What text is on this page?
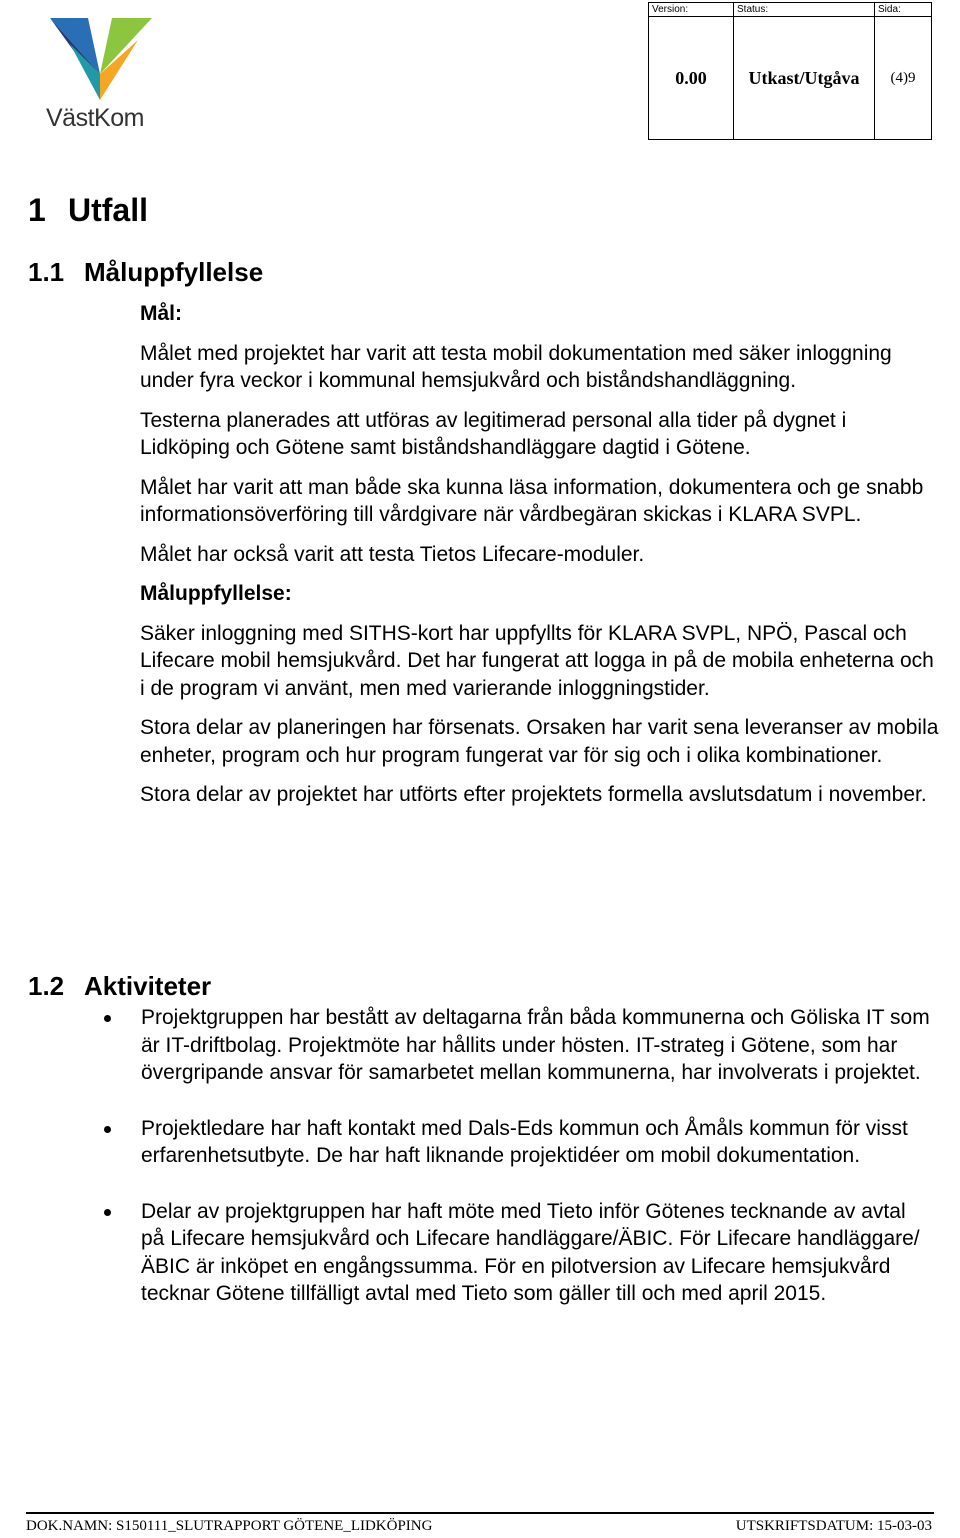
VästKom
Version:	Status:	Sida:
0.00	Utkast/Utgåva	(4)9
1 Utfall
1.1 Måluppfyllelse

Mål:

Målet med projektet har varit att testa mobil dokumentation med säker inloggning under fyra veckor i kommunal hemsjukvård och biståndshandläggning.

Testerna planerades att utföras av legitimerad personal alla tider på dygnet i Lidköping och Götene samt biståndshandläggare dagtid i Götene.

Målet har varit att man både ska kunna läsa information, dokumentera och ge snabb informationsöverföring till vårdgivare när vårdbegäran skickas i KLARA SVPL.

Målet har också varit att testa Tietos Lifecare-moduler.

Måluppfyllelse:

Säker inloggning med SITHS-kort har uppfyllts för KLARA SVPL, NPÖ, Pascal och Lifecare mobil hemsjukvård. Det har fungerat att logga in på de mobila enheterna och i de program vi använt, men med varierande inloggningstider.

Stora delar av planeringen har försenats. Orsaken har varit sena leveranser av mobila enheter, program och hur program fungerat var för sig och i olika kombinationer.

Stora delar av projektet har utförts efter projektets formella avslutsdatum i november.

1.2 Aktiviteter
Projektgruppen har bestått av deltagarna från båda kommunerna och Göliska IT som är IT-driftbolag. Projektmöte har hållits under hösten. IT-strateg i Götene, som har övergripande ansvar för samarbetet mellan kommunerna, har involverats i projektet.
Projektledare har haft kontakt med Dals-Eds kommun och Åmåls kommun för visst erfarenhetsutbyte. De har haft liknande projektidéer om mobil dokumentation.
Delar av projektgruppen har haft möte med Tieto inför Götenes tecknande av avtal på Lifecare hemsjukvård och Lifecare handläggare/ÄBIC. För Lifecare handläggare/ÄBIC är inköpet en engångssumma. För en pilotversion av Lifecare hemsjukvård tecknar Götene tillfälligt avtal med Tieto som gäller till och med april 2015.
DOK.NAMN: S150111_SLUTRAPPORT GÖTENE_LIDKÖPING	UTSKRIFTSDATUM: 15-03-03
